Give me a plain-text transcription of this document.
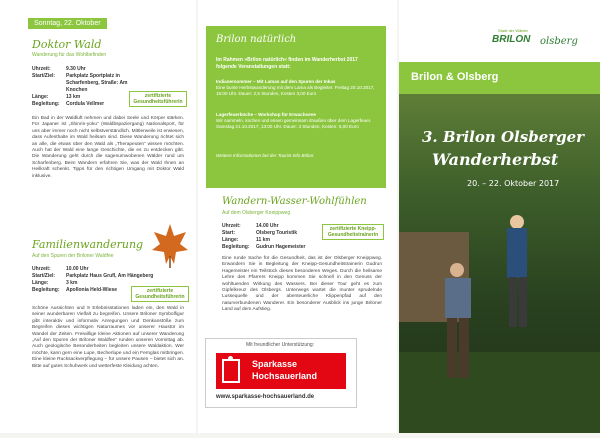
Sonntag, 22. Oktober
Doktor Wald
Wanderung für das Wohlbefinden
Uhrzeit:	9.30 Uhr
Start/Ziel:	Parkplatz Sportplatz in Scharfenberg, Straße: Am Knochen
Länge:	13 km
Begleitung: Cordula Vellmer
zertifizierte Gesundheitsführerin
Ein Bad in der Waldluft nehmen und dabei Seele und Körper stärken. Für Japaner ist „Shinrin-yoku“ (Waldbspaziergang) Nationalsport, für uns aber immer noch nicht selbstverständlich. Mittlerweile ist erwiesen, dass Aufenthalte im Wald heilsam sind. Diese Wanderung richtet sich an alle, die etwas über den Wald als „Therapeuten“ wissen möchten. Auch hat der Wald eine lange Geschichte, die es zu entdecken gibt. Die Wanderung geht durch die sagenumwobenen Wälder rund um Scharfenberg. Beim Wandern erfahren Sie, was der Wald Ihnen an Heilkraft schenkt. Tipps für den richtigen Umgang mit Doktor Wald inklusive.
Familienwanderung
Auf den Spuren der Briloner Waldfee
Uhrzeit:	10.00 Uhr
Start/Ziel: Parkplatz Haus Grufl, Am Hängeberg
Länge:	3 km
Begleitung: Apollonia Held-Wiese	zertifizierte Gesundheitsführerin
Schöne Aussichten und 9 Erlebnisstationen laden ein, den Wald in seiner wunderbaren Vielfalt zu begreifen. Unsere Briloner Symbolfigur gibt interaktiv und informativ Anregungen und Denkanstöße zum Begreifen dieses wichtigen Naturraumes vor unserer Haustür im Wandel der Zeiten. Freiwillige kleine Aktionen auf unserer Wanderung „Auf den Spuren der Briloner Waldfee“ runden unseren Vormittag ab. Auch geologische Besonderheiten begleiten unsere Waldaktion. Wer möchte, kann gern eine Lupe, Becherlupe und ein Fernglas mitbringen. Eine kleine Rucksackverpflegung – für unsere Pausen – bietet sich an. Bitte auf gutes Schuhwerk und wetterfeste Kleidung achten.
Brilon natürlich
Im Rahmen »Brilon natürlich« finden im Wanderherbst 2017 folgende Veranstaltungen statt:
Indianersommer – Mit Lamas auf den Spuren der Inkas
Eine bunte Herbstwanderung mit dem Lama als Begleiter. Freitag 20.10.2017, 15:00 Uhr. Dauer: 2,5 Stunden, Kosten 3,00 Euro
Lagerfeuerküche – Workshop für Erwachsene
Wir sammeln, kochen und essen gemeinsam draußen über dem Lagerfeuer. Samstag 21.10.2017, 13:00 Uhr. Dauer: 3 Stunden, Kosten: 5,00 Euro
Weitere Informationen bei der Tourist Info Brilon.
Wandern-Wasser-Wohlfühlen
Auf dem Olsberger Kneippweg
Uhrzeit:	14.00 Uhr
Start:	Olsberg Touristik
Länge:	11 km
Begleitung: Gudrun Hagemeister
zertifizierte Kneipp-Gesundheitstrainerin
Eine runde Sache für die Gesundheit, das ist der Olsberger Kneippweg. Erwandern Sie in Begleitung der Kneipp-Gesundheitstrainerin Gudrun Hagemeister ein Teilstück dieses besonderen Weges. Durch die heilsame Lehre des Pfarrers Kneipp kommen Sie schnell in den Genuss der wohltuenden Wirkung des Wassers. Bei dieser Tour geht es zum Gipfelkreuz des Olsbergs. Unterwegs wartet die munter sprudelnde Lussequelle und der abenteuerliche Klippenpfad auf den naturverbundenen Wanderer. Ein besonderer Ausblick ins junge Briloner Land auf dem Aufstieg.
Mit freundlicher Unterstützung:
Sparkasse
Hochsauerland
www.sparkasse-hochsauerland.de
Stadt der Wälder
BRILON olsberg
Brilon & Olsberg
3. Brilon Olsberger
Wanderherbst
20. – 22. Oktober 2017
